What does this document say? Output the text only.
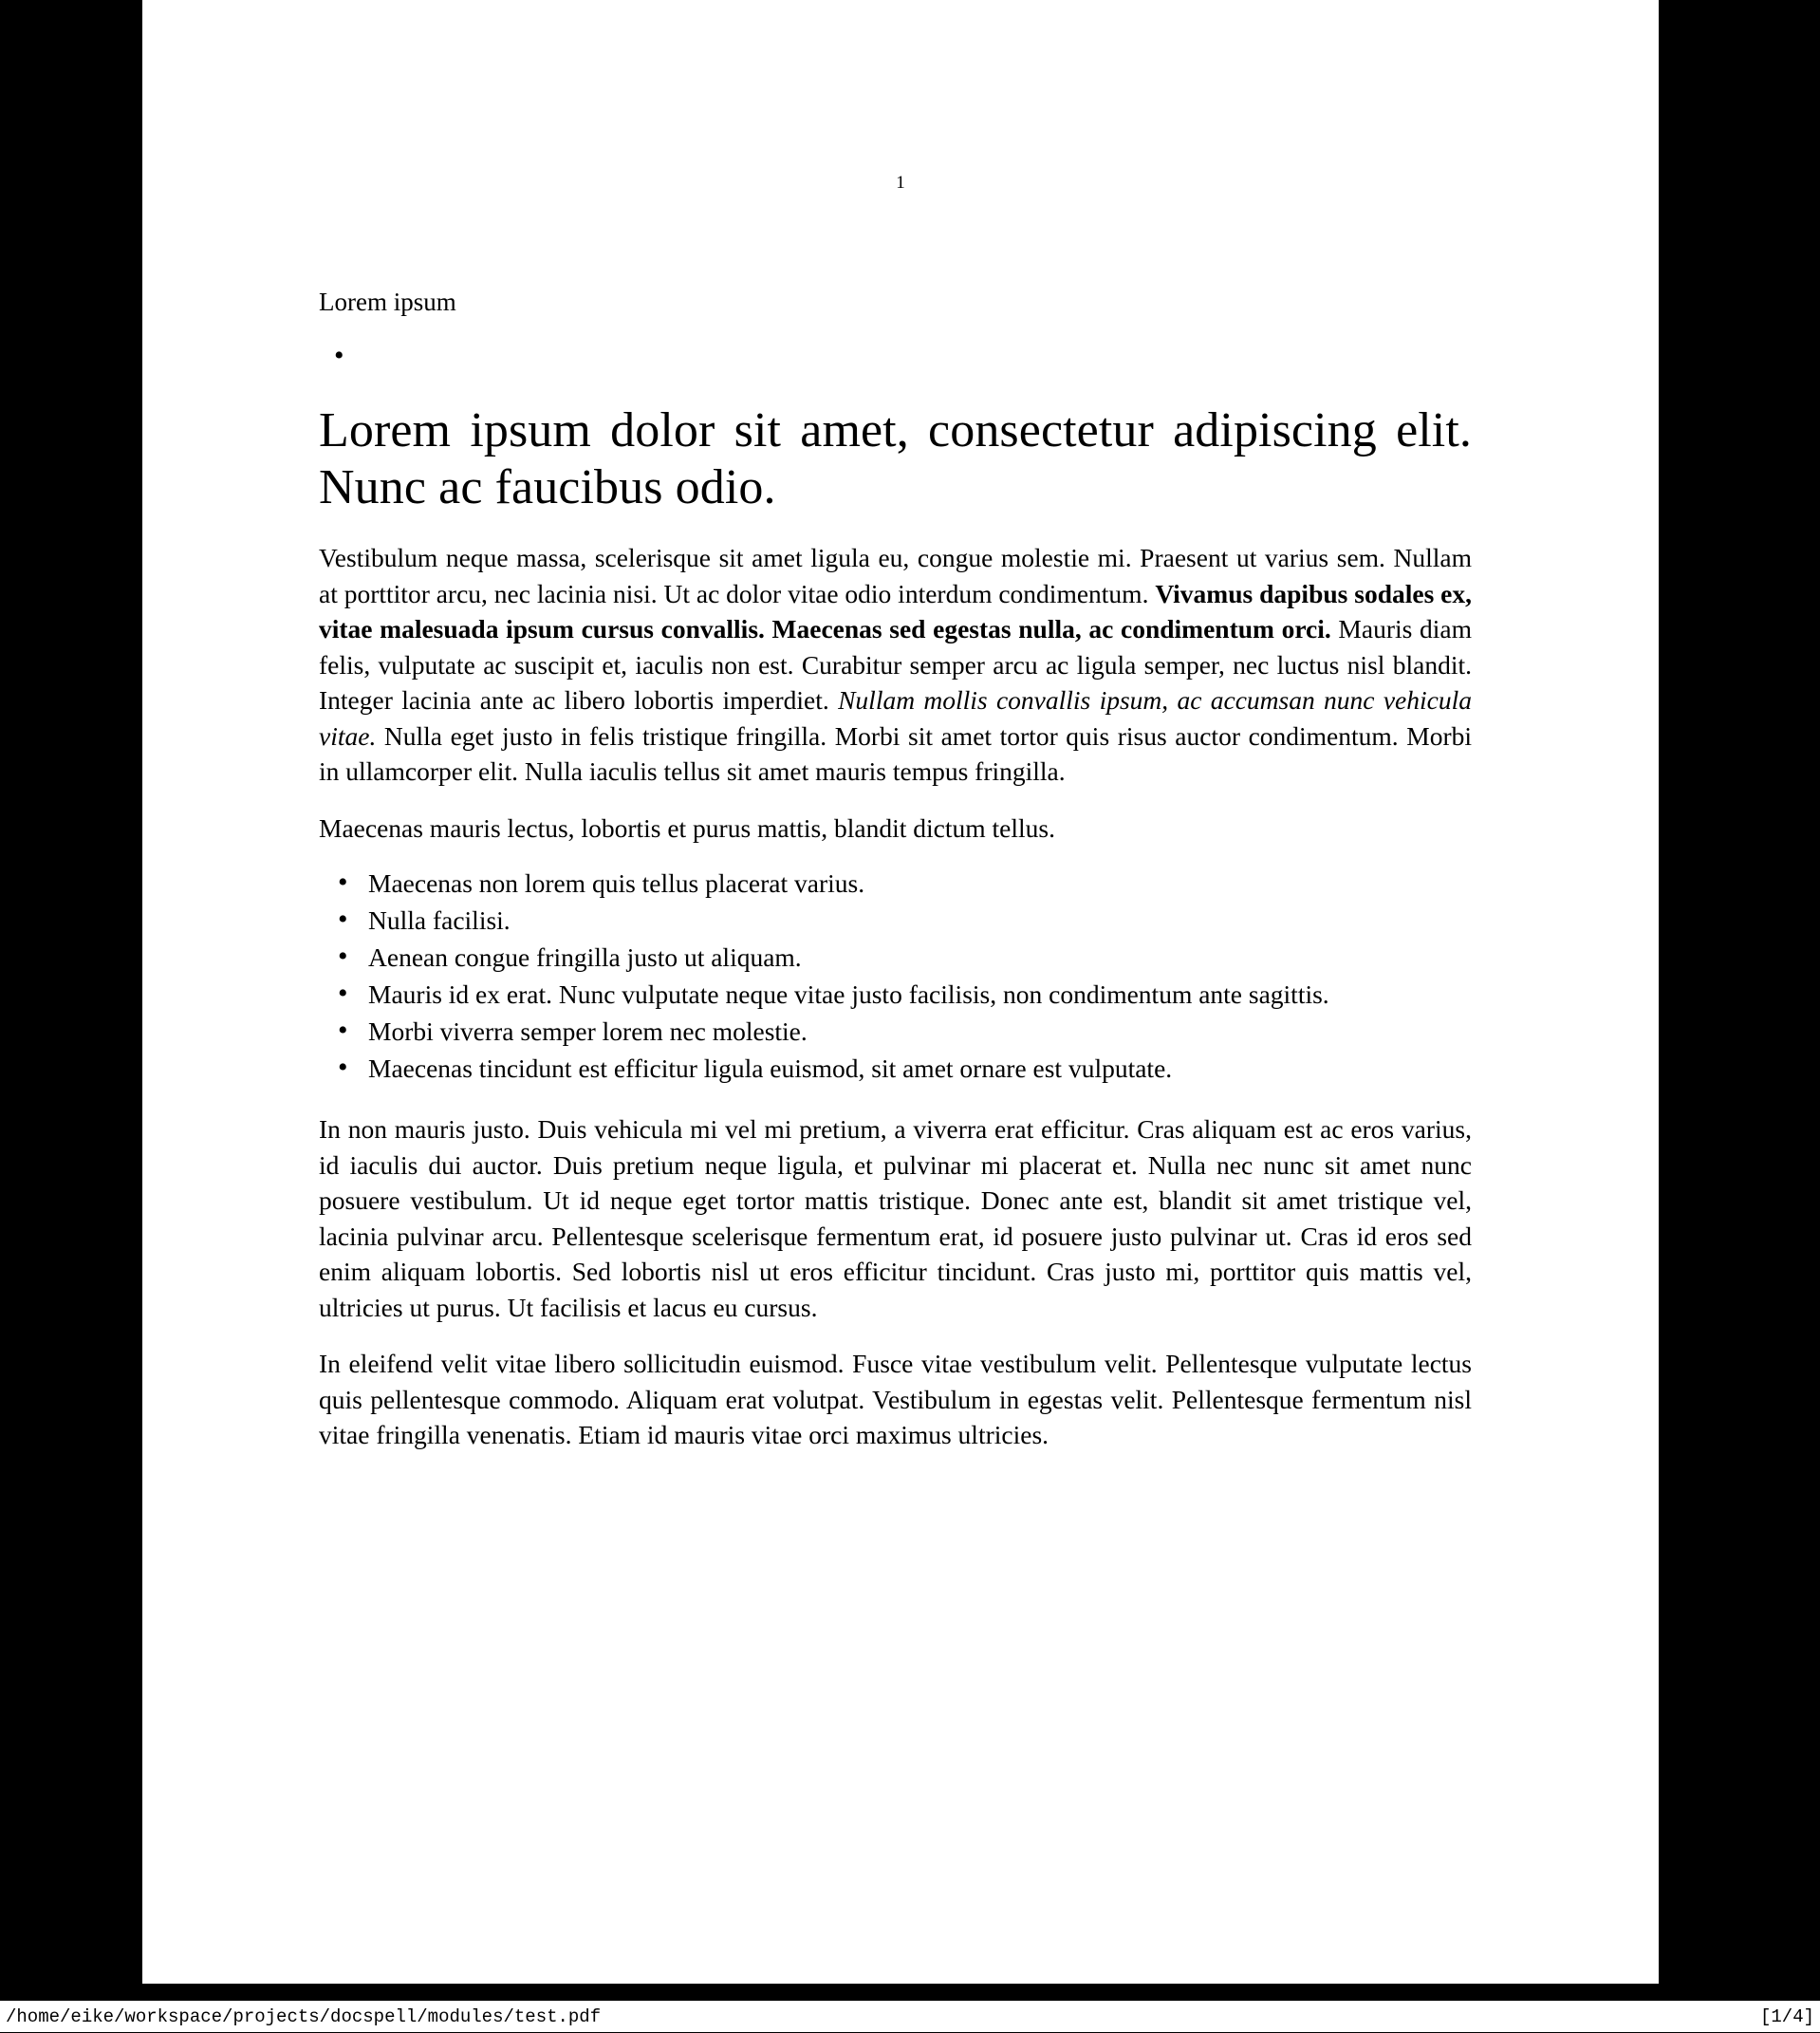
1
Lorem ipsum
•
Lorem ipsum dolor sit amet, consectetur adipiscing elit. Nunc ac faucibus odio.

Vestibulum neque massa, scelerisque sit amet ligula eu, congue molestie mi. Praesent ut varius sem. Nullam at porttitor arcu, nec lacinia nisi. Ut ac dolor vitae odio interdum condimentum. Vivamus dapibus sodales ex, vitae malesuada ipsum cursus convallis. Maecenas sed egestas nulla, ac condimentum orci. Mauris diam felis, vulputate ac suscipit et, iaculis non est. Curabitur semper arcu ac ligula semper, nec luctus nisl blandit. Integer lacinia ante ac libero lobortis imperdiet. Nullam mollis convallis ipsum, ac accumsan nunc vehicula vitae. Nulla eget justo in felis tristique fringilla. Morbi sit amet tortor quis risus auctor condimentum. Morbi in ullamcorper elit. Nulla iaculis tellus sit amet mauris tempus fringilla.

Maecenas mauris lectus, lobortis et purus mattis, blandit dictum tellus.

• Maecenas non lorem quis tellus placerat varius.
• Nulla facilisi.
• Aenean congue fringilla justo ut aliquam.
• Mauris id ex erat. Nunc vulputate neque vitae justo facilisis, non condimentum ante sagittis.
• Morbi viverra semper lorem nec molestie.
• Maecenas tincidunt est efficitur ligula euismod, sit amet ornare est vulputate.

In non mauris justo. Duis vehicula mi vel mi pretium, a viverra erat efficitur. Cras aliquam est ac eros varius, id iaculis dui auctor. Duis pretium neque ligula, et pulvinar mi placerat et. Nulla nec nunc sit amet nunc posuere vestibulum. Ut id neque eget tortor mattis tristique. Donec ante est, blandit sit amet tristique vel, lacinia pulvinar arcu. Pellentesque scelerisque fermentum erat, id posuere justo pulvinar ut. Cras id eros sed enim aliquam lobortis. Sed lobortis nisl ut eros efficitur tincidunt. Cras justo mi, porttitor quis mattis vel, ultricies ut purus. Ut facilisis et lacus eu cursus.

In eleifend velit vitae libero sollicitudin euismod. Fusce vitae vestibulum velit. Pellentesque vulputate lectus quis pellentesque commodo. Aliquam erat volutpat. Vestibulum in egestas velit. Pellentesque fermentum nisl vitae fringilla venenatis. Etiam id mauris vitae orci maximus ultricies.

/home/eike/workspace/projects/docspell/modules/test.pdf	[1/4]
